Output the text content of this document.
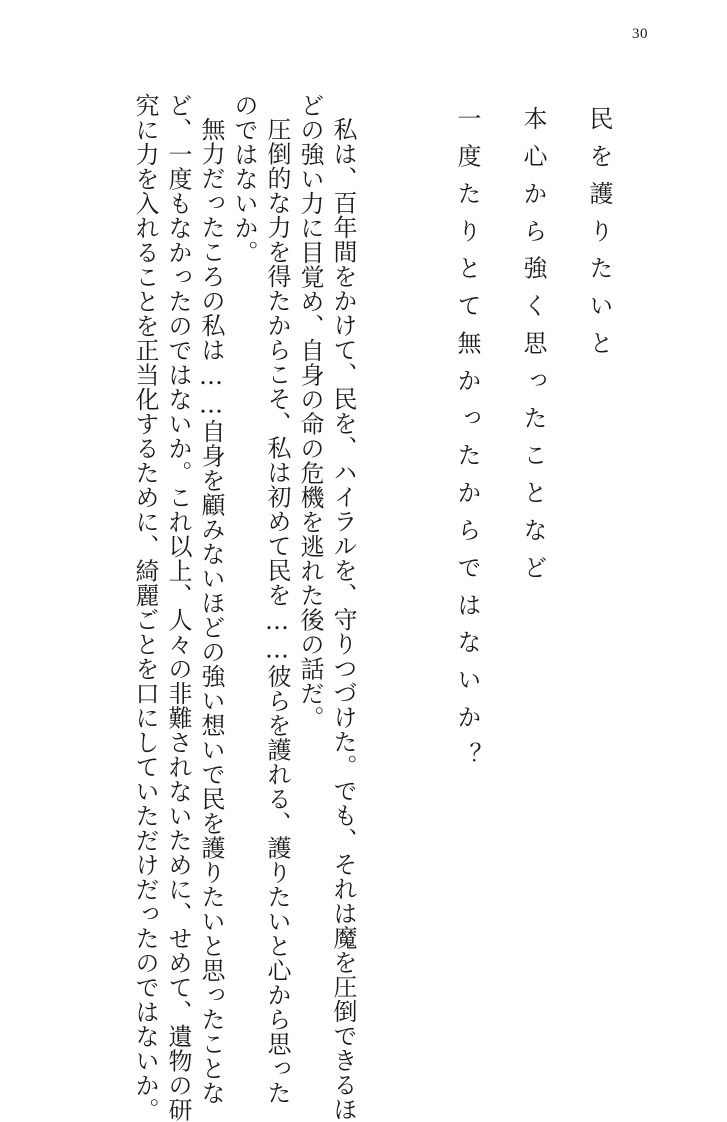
30
民を護りたいと
本心から強く思ったことなど
一度たりとて無かったからではないか？
私は、百年間をかけて、民を、ハイラルを、守りつづけた。でも、それは魔を圧倒できるほ
どの強い力に目覚め、自身の命の危機を逃れた後の話だ。
圧倒的な力を得たからこそ、私は初めて民を……彼らを護れる、護りたいと心から思った
のではないか。
無力だったころの私は……自身を顧みないほどの強い想いで民を護りたいと思ったことな
ど、一度もなかったのではないか。これ以上、人々の非難されないために、せめて、遺物の研
究に力を入れることを正当化するために、綺麗ごとを口にしていただけだったのではないか。
